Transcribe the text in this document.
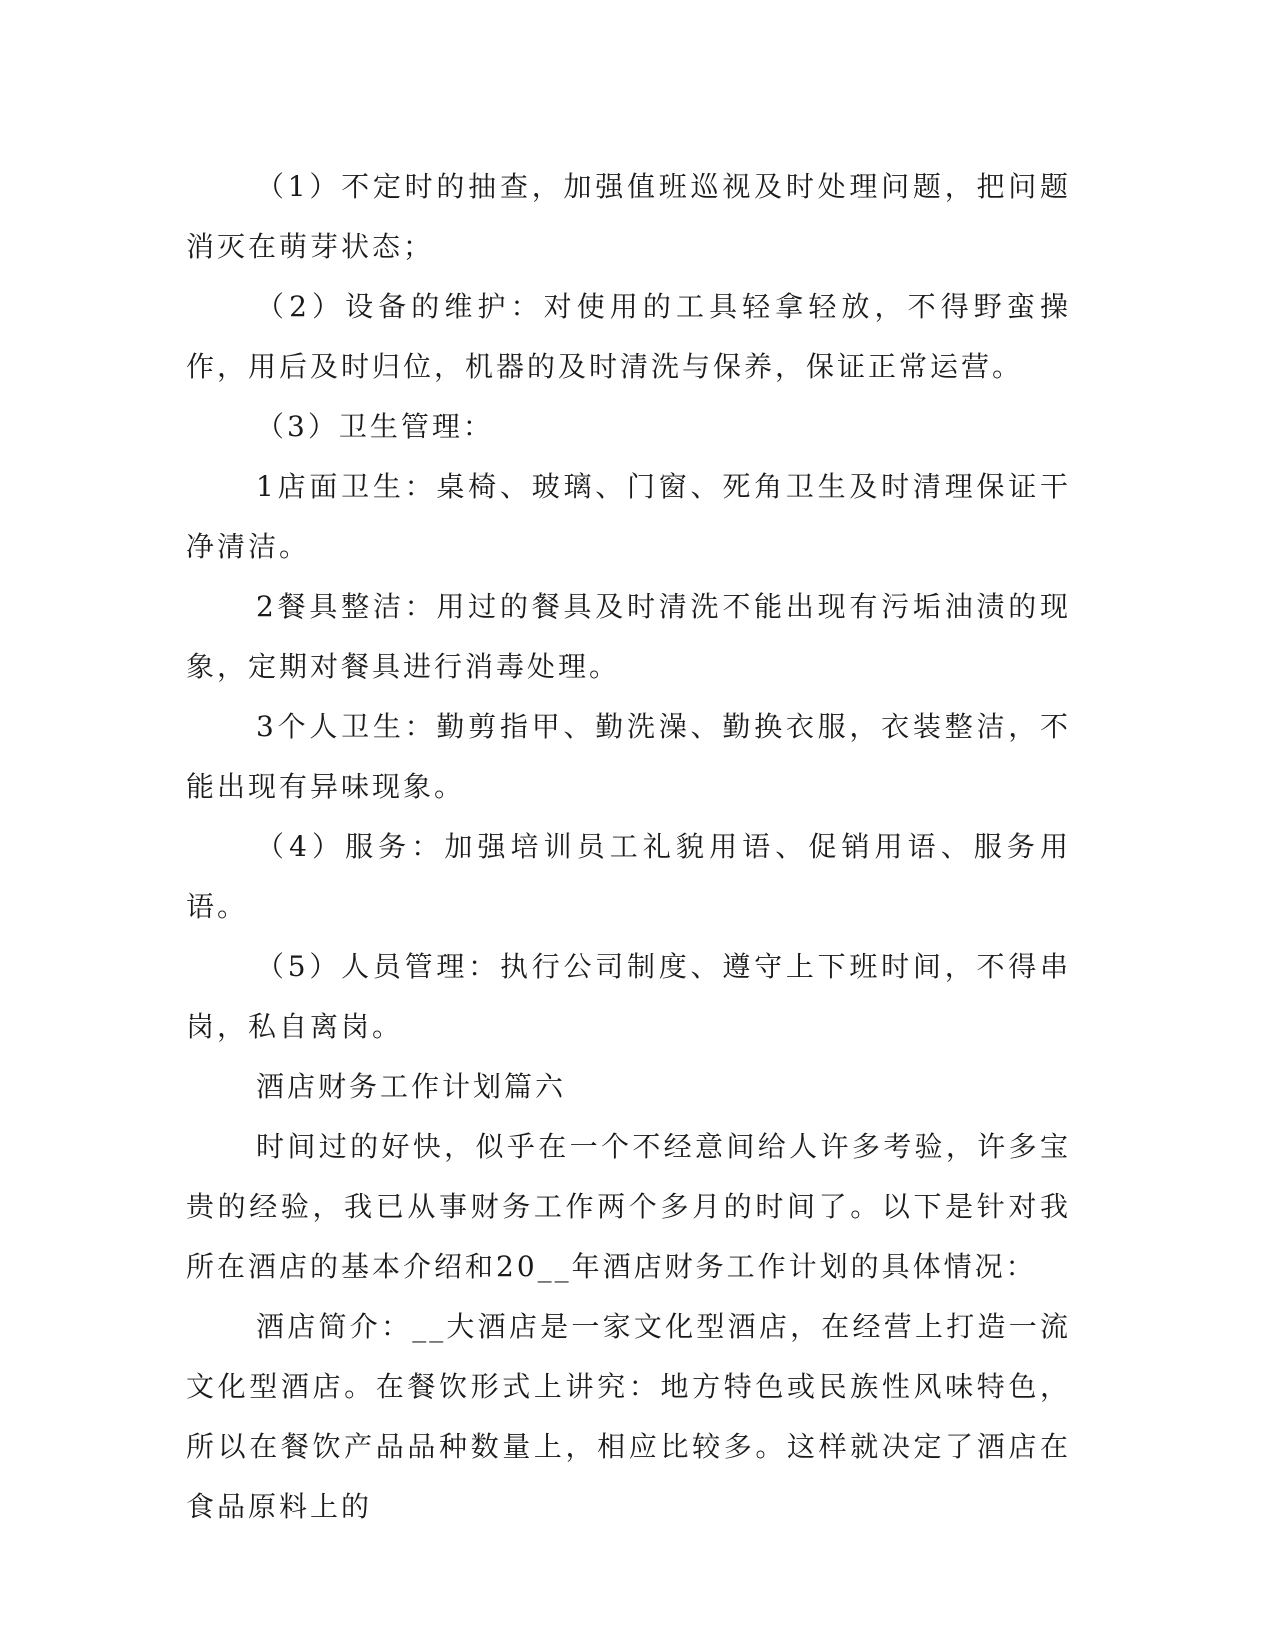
（1）不定时的抽查，加强值班巡视及时处理问题，把问题消灭在萌芽状态；

（2）设备的维护：对使用的工具轻拿轻放，不得野蛮操作，用后及时归位，机器的及时清洗与保养，保证正常运营。

（3）卫生管理：

1店面卫生：桌椅、玻璃、门窗、死角卫生及时清理保证干净清洁。

2餐具整洁：用过的餐具及时清洗不能出现有污垢油渍的现象，定期对餐具进行消毒处理。

3个人卫生：勤剪指甲、勤洗澡、勤换衣服，衣装整洁，不能出现有异味现象。

（4）服务：加强培训员工礼貌用语、促销用语、服务用语。

（5）人员管理：执行公司制度、遵守上下班时间，不得串岗，私自离岗。

酒店财务工作计划篇六

时间过的好快，似乎在一个不经意间给人许多考验，许多宝贵的经验，我已从事财务工作两个多月的时间了。以下是针对我所在酒店的基本介绍和20__年酒店财务工作计划的具体情况：

酒店简介：__大酒店是一家文化型酒店，在经营上打造一流文化型酒店。在餐饮形式上讲究：地方特色或民族性风味特色，所以在餐饮产品品种数量上，相应比较多。这样就决定了酒店在食品原料上的
